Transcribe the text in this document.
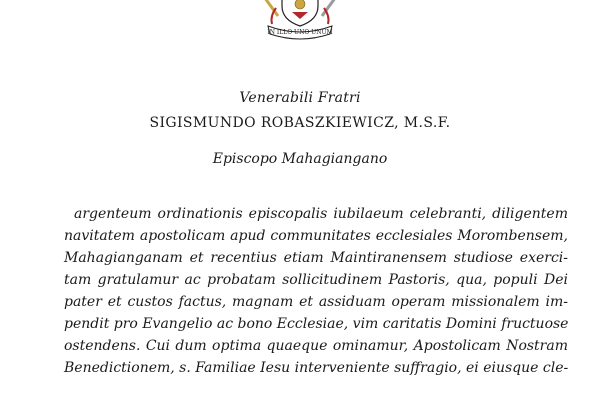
IN ILLO UNO UNUM
Venerabili Fratri
SIGISMUNDO ROBASZKIEWICZ, M.S.F.
Episcopo Mahagiangano
argenteum ordinationis episcopalis iubilaeum celebranti, diligentem
navitatem apostolicam apud communitates ecclesiales Morombensem,
Mahagianganam et recentius etiam Maintiranensem studiose exerci-
tam gratulamur ac probatam sollicitudinem Pastoris, qua, populi Dei
pater et custos factus, magnam et assiduam operam missionalem im-
pendit pro Evangelio ac bono Ecclesiae, vim caritatis Domini fructuose
ostendens. Cui dum optima quaeque ominamur, Apostolicam Nostram
Benedictionem, s. Familiae Iesu interveniente suffragio, ei eiusque cle-
